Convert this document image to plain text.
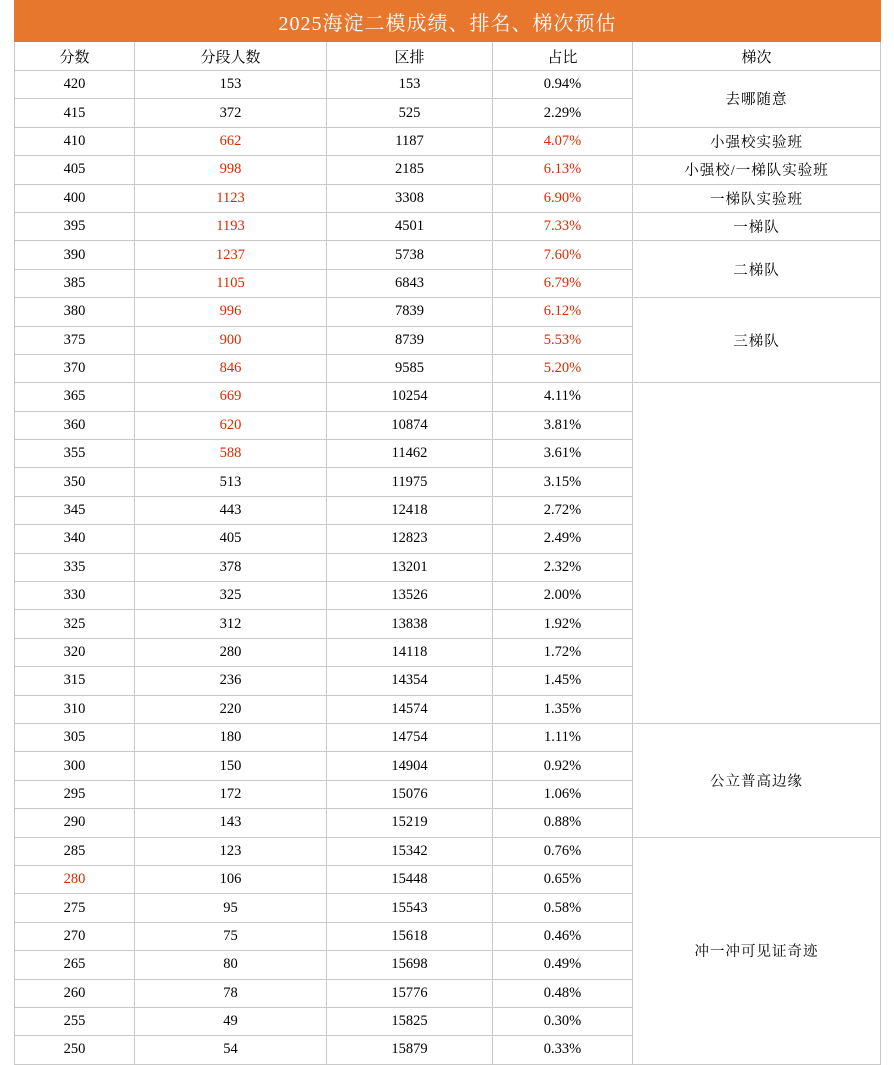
2025海淀二模成绩、排名、梯次预估				
分数	分段人数	区排	占比	梯次
420	153	153	0.94%	去哪随意
415	372	525	2.29%	
410	662	1187	4.07%	小强校实验班
405	998	2185	6.13%	小强校/一梯队实验班
400	1123	3308	6.90%	一梯队实验班
395	1193	4501	7.33%	一梯队
390	1237	5738	7.60%	二梯队
385	1105	6843	6.79%	
380	996	7839	6.12%	三梯队
375	900	8739	5.53%	
370	846	9585	5.20%	
365	669	10254	4.11%	
360	620	10874	3.81%	
355	588	11462	3.61%	
350	513	11975	3.15%	
345	443	12418	2.72%	
340	405	12823	2.49%	
335	378	13201	2.32%	
330	325	13526	2.00%	
325	312	13838	1.92%	
320	280	14118	1.72%	
315	236	14354	1.45%	
310	220	14574	1.35%	
305	180	14754	1.11%	公立普高边缘
300	150	14904	0.92%	
295	172	15076	1.06%	
290	143	15219	0.88%	
285	123	15342	0.76%	冲一冲可见证奇迹
280	106	15448	0.65%	
275	95	15543	0.58%	
270	75	15618	0.46%	
265	80	15698	0.49%	
260	78	15776	0.48%	
255	49	15825	0.30%	
250	54	15879	0.33%	
